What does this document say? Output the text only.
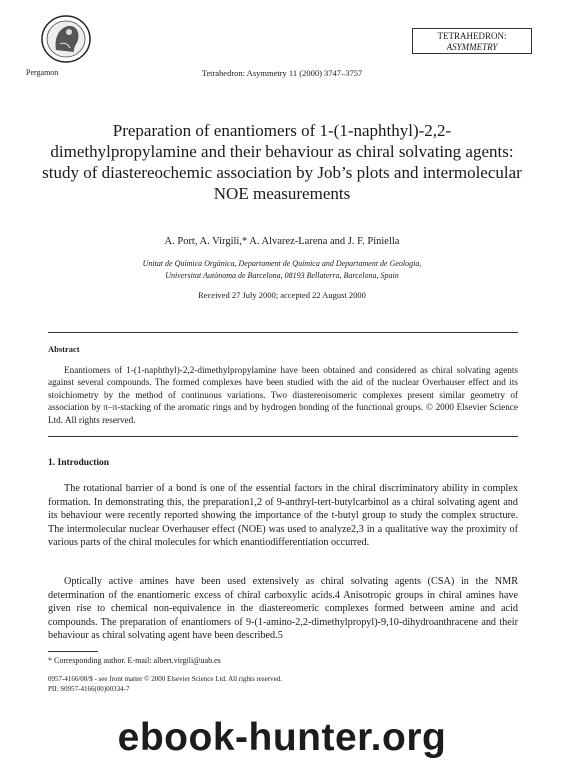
Pergamon	Tetrahedron: Asymmetry 11 (2000) 3747–3757
TETRAHEDRON:
ASYMMETRY
Preparation of enantiomers of 1-(1-naphthyl)-2,2-dimethylpropylamine and their behaviour as chiral solvating agents: study of diastereochemic association by Job’s plots and intermolecular NOE measurements
A. Port, A. Virgili,* A. Alvarez-Larena and J. F. Piniella
Unitat de Química Orgànica, Departament de Química and Departament de Geologia,
Universitat Autònoma de Barcelona, 08193 Bellaterra, Barcelona, Spain
Received 27 July 2000; accepted 22 August 2000
Abstract
Enantiomers of 1-(1-naphthyl)-2,2-dimethylpropylamine have been obtained and considered as chiral solvating agents against several compounds. The formed complexes have been studied with the aid of the nuclear Overhauser effect and its stoichiometry by the method of continuous variations. Two diastereoisomeric complexes present similar geometry of association by π–π-stacking of the aromatic rings and by hydrogen bonding of the functional groups. © 2000 Elsevier Science Ltd. All rights reserved.
1. Introduction
The rotational barrier of a bond is one of the essential factors in the chiral discriminatory ability in complex formation. In demonstrating this, the preparation1,2 of 9-anthryl-tert-butylcarbinol as a chiral solvating agent and its behaviour were recently reported showing the importance of the t-butyl group to study the complex structure. The intermolecular nuclear Overhauser effect (NOE) was used to analyze2,3 in a qualitative way the proximity of various parts of the chiral molecules for which enantiodifferentiation occurred.
Optically active amines have been used extensively as chiral solvating agents (CSA) in the NMR determination of the enantiomeric excess of chiral carboxylic acids.4 Anisotropic groups in chiral amines have given rise to chemical non-equivalence in the diastereomeric complexes formed between amine and acid compounds. The preparation of enantiomers of 9-(1-amino-2,2-dimethylpropyl)-9,10-dihydroanthracene and their behaviour as chiral solvating agent have been described.5
* Corresponding author. E-mail: albert.virgili@uab.es
0957-4166/00/$ - see front matter © 2000 Elsevier Science Ltd. All rights reserved.
PII: S0957-4166(00)00334-7
ebook-hunter.org
